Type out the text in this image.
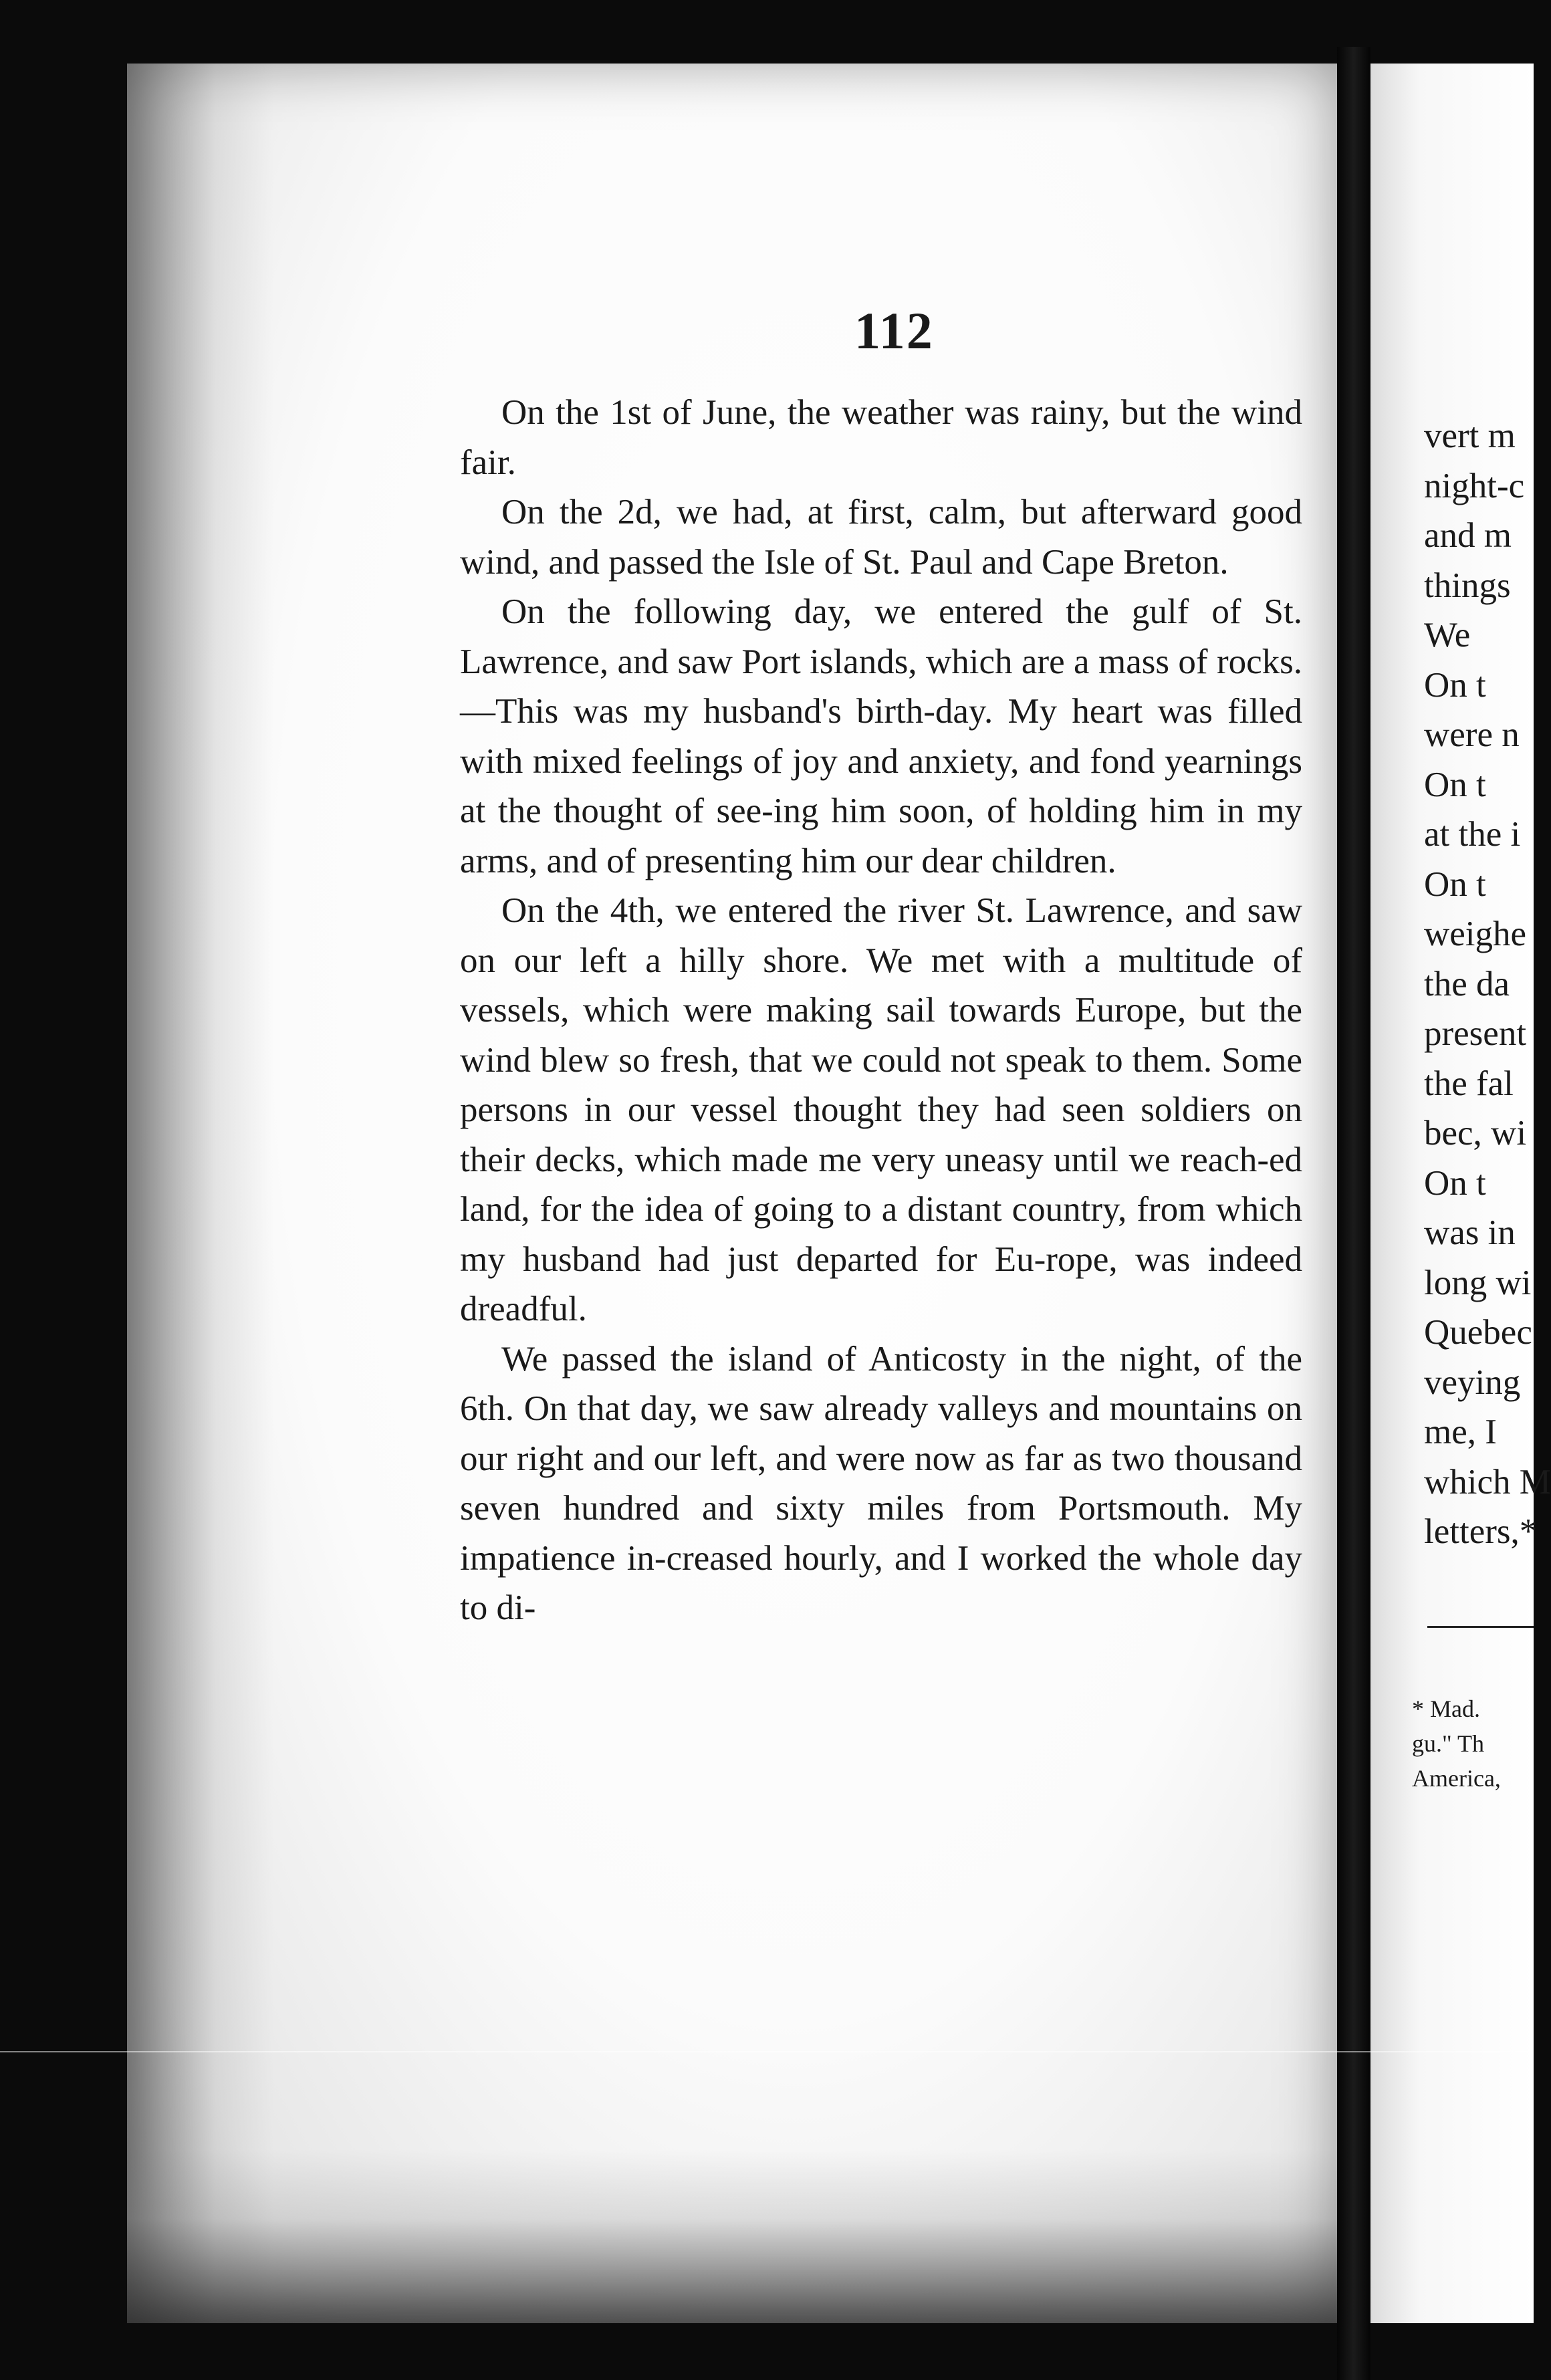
112

On the 1st of June, the weather was rainy, but the wind fair.

On the 2d, we had, at first, calm, but afterward good wind, and passed the Isle of St. Paul and Cape Breton.

On the following day, we entered the gulf of St. Lawrence, and saw Port islands, which are a mass of rocks.—This was my husband's birth-day. My heart was filled with mixed feelings of joy and anxiety, and fond yearnings at the thought of see-ing him soon, of holding him in my arms, and of presenting him our dear children.

On the 4th, we entered the river St. Lawrence, and saw on our left a hilly shore. We met with a multitude of vessels, which were making sail towards Europe, but the wind blew so fresh, that we could not speak to them. Some persons in our vessel thought they had seen soldiers on their decks, which made me very uneasy until we reach-ed land, for the idea of going to a distant country, from which my husband had just departed for Eu-rope, was indeed dreadful.

We passed the island of Anticosty in the night, of the 6th. On that day, we saw already valleys and mountains on our right and our left, and were now as far as two thousand seven hundred and sixty miles from Portsmouth. My impatience in-creased hourly, and I worked the whole day to di-

vert m
night-c
and m
things
We
On t
were n
On t
at the i
On t
weighe
the da
present
the fal
bec, wi
On t
was in
long wi
Quebec
veying
me, I
which M
letters,*
* Mad.
gu." Th
America,
